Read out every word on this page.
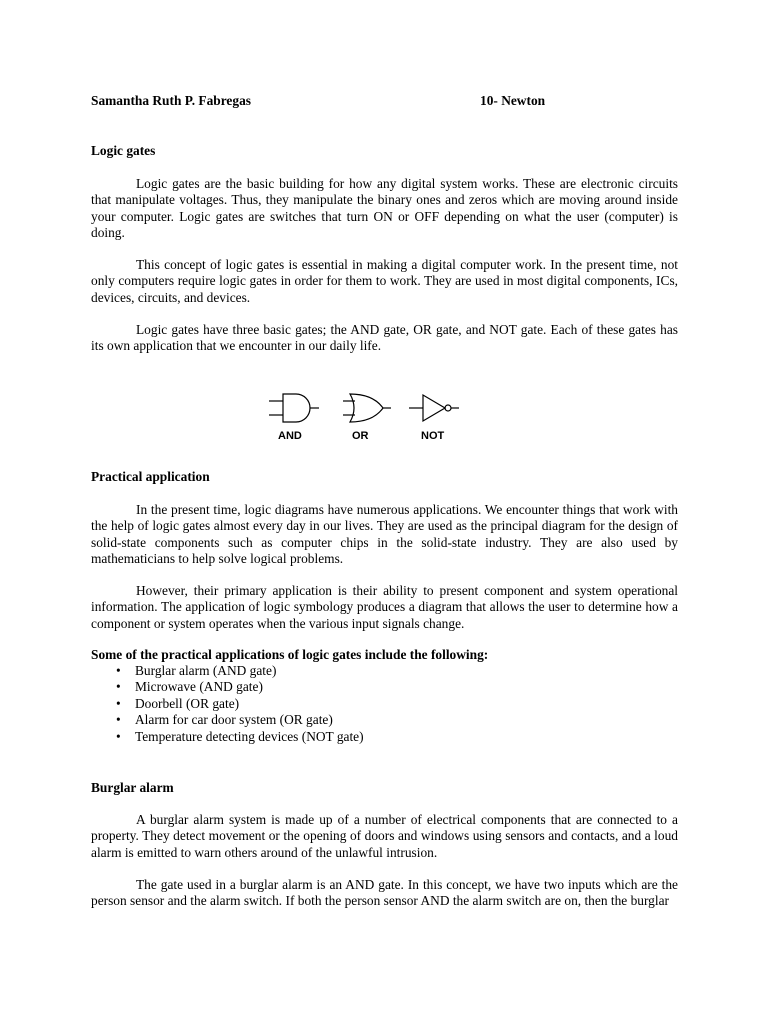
Samantha Ruth P. Fabregas	10- Newton

Logic gates

Logic gates are the basic building for how any digital system works. These are electronic circuits that manipulate voltages. Thus, they manipulate the binary ones and zeros which are moving around inside your computer. Logic gates are switches that turn ON or OFF depending on what the user (computer) is doing.

This concept of logic gates is essential in making a digital computer work. In the present time, not only computers require logic gates in order for them to work. They are used in most digital components, ICs, devices, circuits, and devices.

Logic gates have three basic gates; the AND gate, OR gate, and NOT gate. Each of these gates has its own application that we encounter in our daily life.

AND	OR	NOT

Practical application

In the present time, logic diagrams have numerous applications. We encounter things that work with the help of logic gates almost every day in our lives. They are used as the principal diagram for the design of solid-state components such as computer chips in the solid-state industry. They are also used by mathematicians to help solve logical problems.

However, their primary application is their ability to present component and system operational information. The application of logic symbology produces a diagram that allows the user to determine how a component or system operates when the various input signals change.

Some of the practical applications of logic gates include the following:

• Burglar alarm (AND gate)
• Microwave (AND gate)
• Doorbell (OR gate)
• Alarm for car door system (OR gate)
• Temperature detecting devices (NOT gate)

Burglar alarm

A burglar alarm system is made up of a number of electrical components that are connected to a property. They detect movement or the opening of doors and windows using sensors and contacts, and a loud alarm is emitted to warn others around of the unlawful intrusion.

The gate used in a burglar alarm is an AND gate. In this concept, we have two inputs which are the person sensor and the alarm switch. If both the person sensor AND the alarm switch are on, then the burglar
